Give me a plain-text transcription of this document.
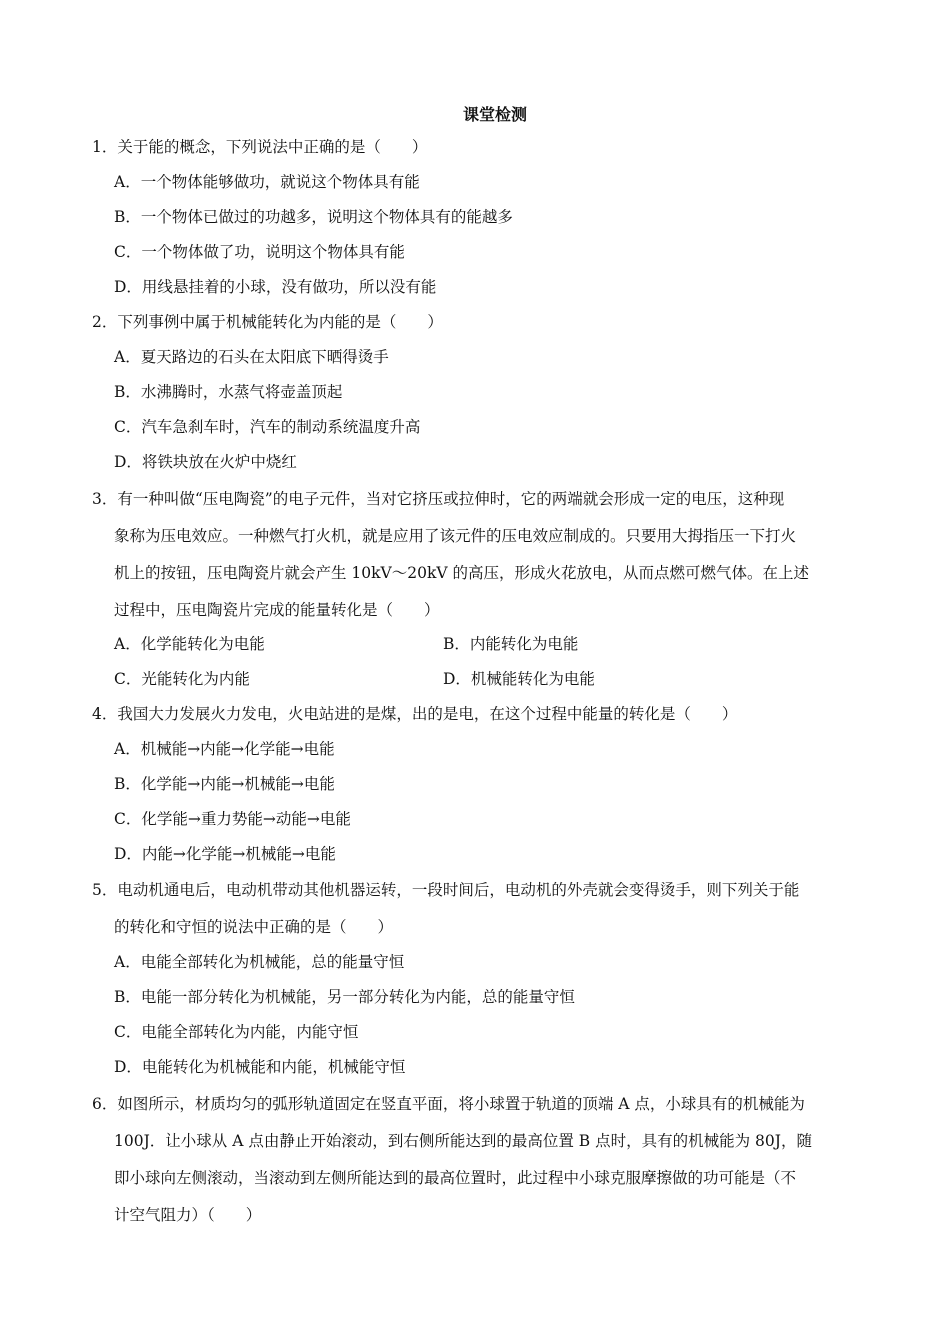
课堂检测
1．关于能的概念，下列说法中正确的是（　　）
A．一个物体能够做功，就说这个物体具有能
B．一个物体已做过的功越多，说明这个物体具有的能越多
C．一个物体做了功，说明这个物体具有能
D．用线悬挂着的小球，没有做功，所以没有能
2．下列事例中属于机械能转化为内能的是（　　）
A．夏天路边的石头在太阳底下晒得烫手
B．水沸腾时，水蒸气将壶盖顶起
C．汽车急刹车时，汽车的制动系统温度升高
D．将铁块放在火炉中烧红
3．有一种叫做“压电陶瓷”的电子元件，当对它挤压或拉伸时，它的两端就会形成一定的电压，这种现
象称为压电效应。一种燃气打火机，就是应用了该元件的压电效应制成的。只要用大拇指压一下打火
机上的按钮，压电陶瓷片就会产生 10kV～20kV 的高压，形成火花放电，从而点燃可燃气体。在上述
过程中，压电陶瓷片完成的能量转化是（　　）
A．化学能转化为电能	B．内能转化为电能
C．光能转化为内能	D．机械能转化为电能
4．我国大力发展火力发电，火电站进的是煤，出的是电，在这个过程中能量的转化是（　　）
A．机械能→内能→化学能→电能
B．化学能→内能→机械能→电能
C．化学能→重力势能→动能→电能
D．内能→化学能→机械能→电能
5．电动机通电后，电动机带动其他机器运转，一段时间后，电动机的外壳就会变得烫手，则下列关于能
的转化和守恒的说法中正确的是（　　）
A．电能全部转化为机械能，总的能量守恒
B．电能一部分转化为机械能，另一部分转化为内能，总的能量守恒
C．电能全部转化为内能，内能守恒
D．电能转化为机械能和内能，机械能守恒
6．如图所示，材质均匀的弧形轨道固定在竖直平面，将小球置于轨道的顶端 A 点，小球具有的机械能为
100J．让小球从 A 点由静止开始滚动，到右侧所能达到的最高位置 B 点时，具有的机械能为 80J，随
即小球向左侧滚动，当滚动到左侧所能达到的最高位置时，此过程中小球克服摩擦做的功可能是（不
计空气阻力）（　　）
